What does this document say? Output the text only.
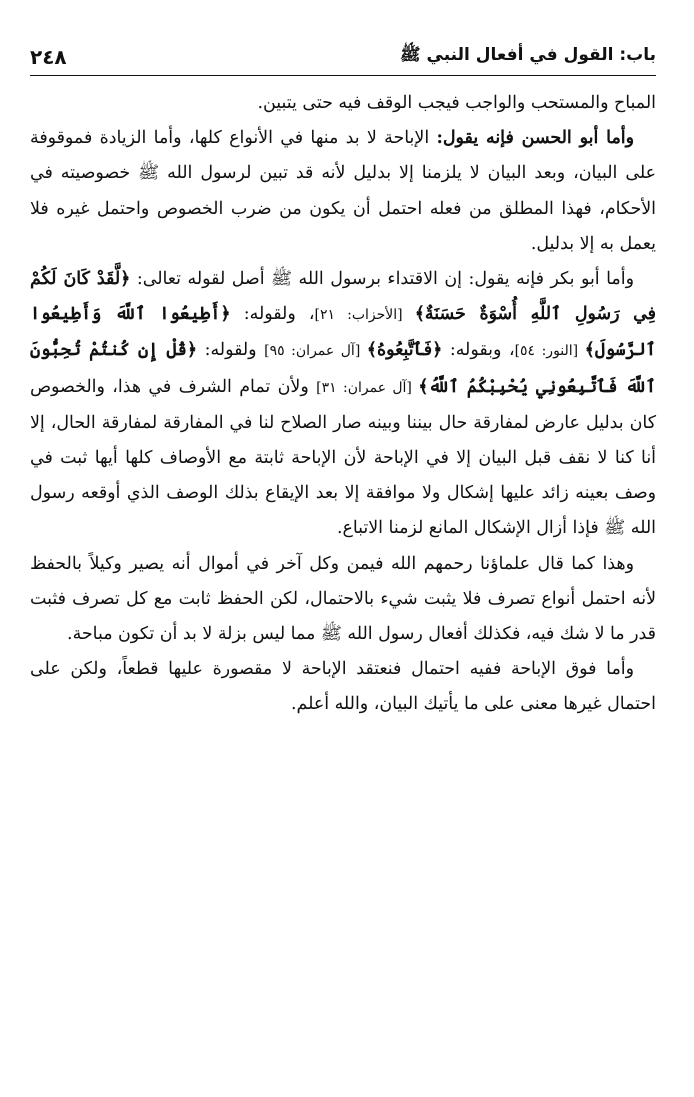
باب: القول في أفعال النبي ﷺ
٢٤٨

المباح والمستحب والواجب فيجب الوقف فيه حتى يتبين.

وأما أبو الحسن فإنه يقول: الإباحة لا بد منها في الأنواع كلها، وأما الزيادة فموقوفة على البيان، وبعد البيان لا يلزمنا إلا بدليل لأنه قد تبين لرسول الله ﷺ خصوصيته في الأحكام، فهذا المطلق من فعله احتمل أن يكون من ضرب الخصوص واحتمل غيره فلا يعمل به إلا بدليل.

وأما أبو بكر فإنه يقول: إن الاقتداء برسول الله ﷺ أصل لقوله تعالى: ﴿لَّقَدْ كَانَ لَكُمْ فِي رَسُولِ ٱللَّهِ أُسْوَةٌ حَسَنَةٌ﴾ [الأحزاب: ٢١]، ولقوله: ﴿أَطِيعُوا ٱللَّهَ وَأَطِيعُوا ٱلرَّسُولَ﴾ [النور: ٥٤]، وبقوله: ﴿فَٱتَّبِعُوهُ﴾ [آل عمران: ٩٥] ولقوله: ﴿قُلْ إِن كُنتُمْ تُحِبُّونَ ٱللَّهَ فَٱتَّبِعُونِي يُحْبِبْكُمُ ٱللَّهُ﴾ [آل عمران: ٣١] ولأن تمام الشرف في هذا، والخصوص كان بدليل عارض لمفارقة حال بيننا وبينه صار الصلاح لنا في المفارقة لمفارقة الحال، إلا أنا كنا لا نقف قبل البيان إلا في الإباحة لأن الإباحة ثابتة مع الأوصاف كلها أيها ثبت في وصف بعينه زائد عليها إشكال ولا موافقة إلا بعد الإيقاع بذلك الوصف الذي أوقعه رسول الله ﷺ فإذا أزال الإشكال المانع لزمنا الاتباع.

وهذا كما قال علماؤنا رحمهم الله فيمن وكل آخر في أموال أنه يصير وكيلاً بالحفظ لأنه احتمل أنواع تصرف فلا يثبت شيء بالاحتمال، لكن الحفظ ثابت مع كل تصرف فثبت قدر ما لا شك فيه، فكذلك أفعال رسول الله ﷺ مما ليس بزلة لا بد أن تكون مباحة.

وأما فوق الإباحة ففيه احتمال فنعتقد الإباحة لا مقصورة عليها قطعاً، ولكن على احتمال غيرها معنى على ما يأتيك البيان، والله أعلم.
